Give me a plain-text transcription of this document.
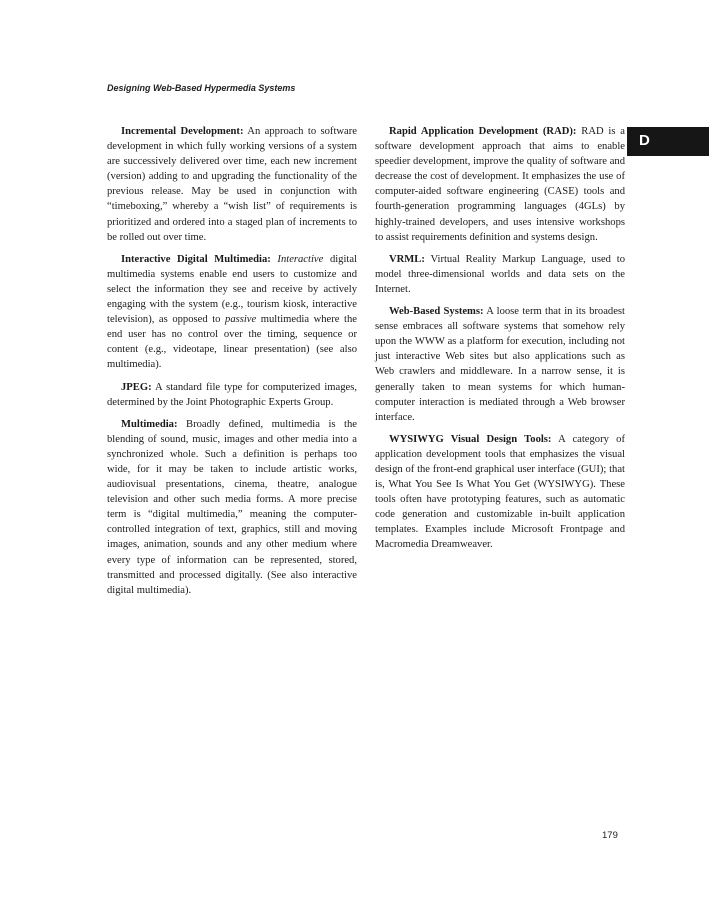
Designing Web-Based Hypermedia Systems
D

Incremental Development: An approach to software development in which fully working versions of a system are successively delivered over time, each new increment (version) adding to and upgrading the functionality of the previous release. May be used in conjunction with “timeboxing,” whereby a “wish list” of requirements is prioritized and ordered into a staged plan of increments to be rolled out over time.

Interactive Digital Multimedia: Interactive digital multimedia systems enable end users to customize and select the information they see and receive by actively engaging with the system (e.g., tourism kiosk, interactive television), as opposed to passive multimedia where the end user has no control over the timing, sequence or content (e.g., videotape, linear presentation) (see also multimedia).

JPEG: A standard file type for computerized images, determined by the Joint Photographic Experts Group.

Multimedia: Broadly defined, multimedia is the blending of sound, music, images and other media into a synchronized whole. Such a definition is perhaps too wide, for it may be taken to include artistic works, audiovisual presentations, cinema, theatre, analogue television and other such media forms. A more precise term is “digital multimedia,” meaning the computer-controlled integration of text, graphics, still and moving images, animation, sounds and any other medium where every type of information can be represented, stored, transmitted and processed digitally. (See also interactive digital multimedia).

Rapid Application Development (RAD): RAD is a software development approach that aims to enable speedier development, improve the quality of software and decrease the cost of development. It emphasizes the use of computer-aided software engineering (CASE) tools and fourth-generation programming languages (4GLs) by highly-trained developers, and uses intensive workshops to assist requirements definition and systems design.

VRML: Virtual Reality Markup Language, used to model three-dimensional worlds and data sets on the Internet.

Web-Based Systems: A loose term that in its broadest sense embraces all software systems that somehow rely upon the WWW as a platform for execution, including not just interactive Web sites but also applications such as Web crawlers and middleware. In a narrow sense, it is generally taken to mean systems for which human-computer interaction is mediated through a Web browser interface.

WYSIWYG Visual Design Tools: A category of application development tools that emphasizes the visual design of the front-end graphical user interface (GUI); that is, What You See Is What You Get (WYSIWYG). These tools often have prototyping features, such as automatic code generation and customizable in-built application templates. Examples include Microsoft Frontpage and Macromedia Dreamweaver.

179
